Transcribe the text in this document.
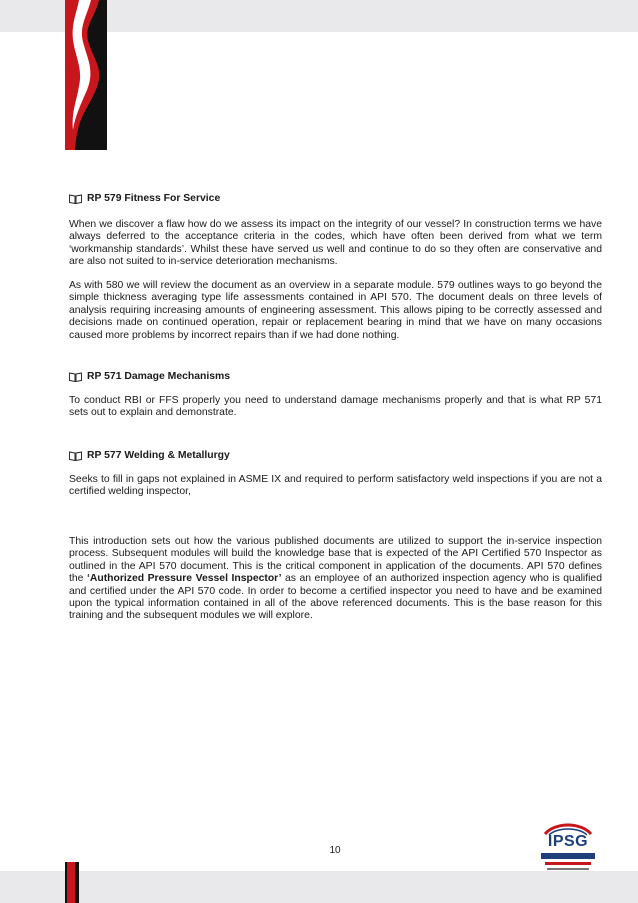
RP 579 Fitness For Service
When we discover a flaw how do we assess its impact on the integrity of our vessel? In construction terms we have always deferred to the acceptance criteria in the codes, which have often been derived from what we term ‘workmanship standards’. Whilst these have served us well and continue to do so they often are conservative and are also not suited to in-service deterioration mechanisms.
As with 580 we will review the document as an overview in a separate module. 579 outlines ways to go beyond the simple thickness averaging type life assessments contained in API 570. The document deals on three levels of analysis requiring increasing amounts of engineering assessment. This allows piping to be correctly assessed and decisions made on continued operation, repair or replacement bearing in mind that we have on many occasions caused more problems by incorrect repairs than if we had done nothing.
RP 571 Damage Mechanisms
To conduct RBI or FFS properly you need to understand damage mechanisms properly and that is what RP 571 sets out to explain and demonstrate.
RP 577 Welding & Metallurgy
Seeks to fill in gaps not explained in ASME IX and required to perform satisfactory weld inspections if you are not a certified welding inspector,
This introduction sets out how the various published documents are utilized to support the in-service inspection process. Subsequent modules will build the knowledge base that is expected of the API Certified 570 Inspector as outlined in the API 570 document. This is the critical component in application of the documents. API 570 defines the ‘Authorized Pressure Vessel Inspector’ as an employee of an authorized inspection agency who is qualified and certified under the API 570 code. In order to become a certified inspector you need to have and be examined upon the typical information contained in all of the above referenced documents. This is the base reason for this training and the subsequent modules we will explore.
10
IPSG
